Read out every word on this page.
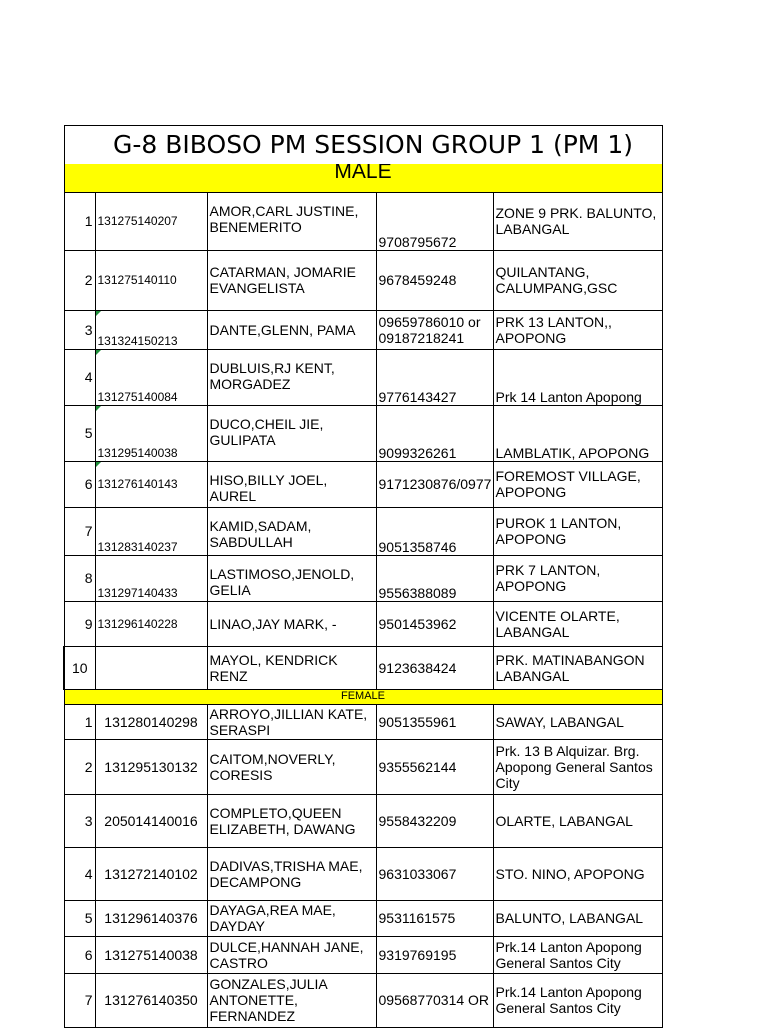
G-8 BIBOSO PM SESSION GROUP 1 (PM 1)				
MALE				
1	131275140207	AMOR,CARL JUSTINE, BENEMERITO	9708795672	ZONE 9 PRK. BALUNTO, LABANGAL
2	131275140110	CATARMAN, JOMARIE EVANGELISTA	9678459248	QUILANTANG, CALUMPANG,GSC
3	131324150213	DANTE,GLENN, PAMA	09659786010 or 09187218241	PRK 13 LANTON,, APOPONG
4	131275140084	DUBLUIS,RJ KENT, MORGADEZ	9776143427	Prk 14 Lanton Apopong
5	131295140038	DUCO,CHEIL JIE, GULIPATA	9099326261	LAMBLATIK, APOPONG
6	131276140143	HISO,BILLY JOEL, AUREL	9171230876/0977	FOREMOST VILLAGE, APOPONG
7	131283140237	KAMID,SADAM, SABDULLAH	9051358746	PUROK 1 LANTON, APOPONG
8	131297140433	LASTIMOSO,JENOLD, GELIA	9556388089	PRK 7 LANTON, APOPONG
9	131296140228	LINAO,JAY MARK, -	9501453962	VICENTE OLARTE, LABANGAL
10		MAYOL, KENDRICK RENZ	9123638424	PRK. MATINABANGON LABANGAL
FEMALE				
1	131280140298	ARROYO,JILLIAN KATE, SERASPI	9051355961	SAWAY, LABANGAL
2	131295130132	CAITOM,NOVERLY, CORESIS	9355562144	Prk. 13 B Alquizar. Brg. Apopong General Santos City
3	205014140016	COMPLETO,QUEEN ELIZABETH, DAWANG	9558432209	OLARTE, LABANGAL
4	131272140102	DADIVAS,TRISHA MAE, DECAMPONG	9631033067	STO. NINO, APOPONG
5	131296140376	DAYAGA,REA MAE, DAYDAY	9531161575	BALUNTO, LABANGAL
6	131275140038	DULCE,HANNAH JANE, CASTRO	9319769195	Prk.14 Lanton Apopong General Santos City
7	131276140350	GONZALES,JULIA ANTONETTE, FERNANDEZ	09568770314 OR	Prk.14 Lanton Apopong General Santos City
